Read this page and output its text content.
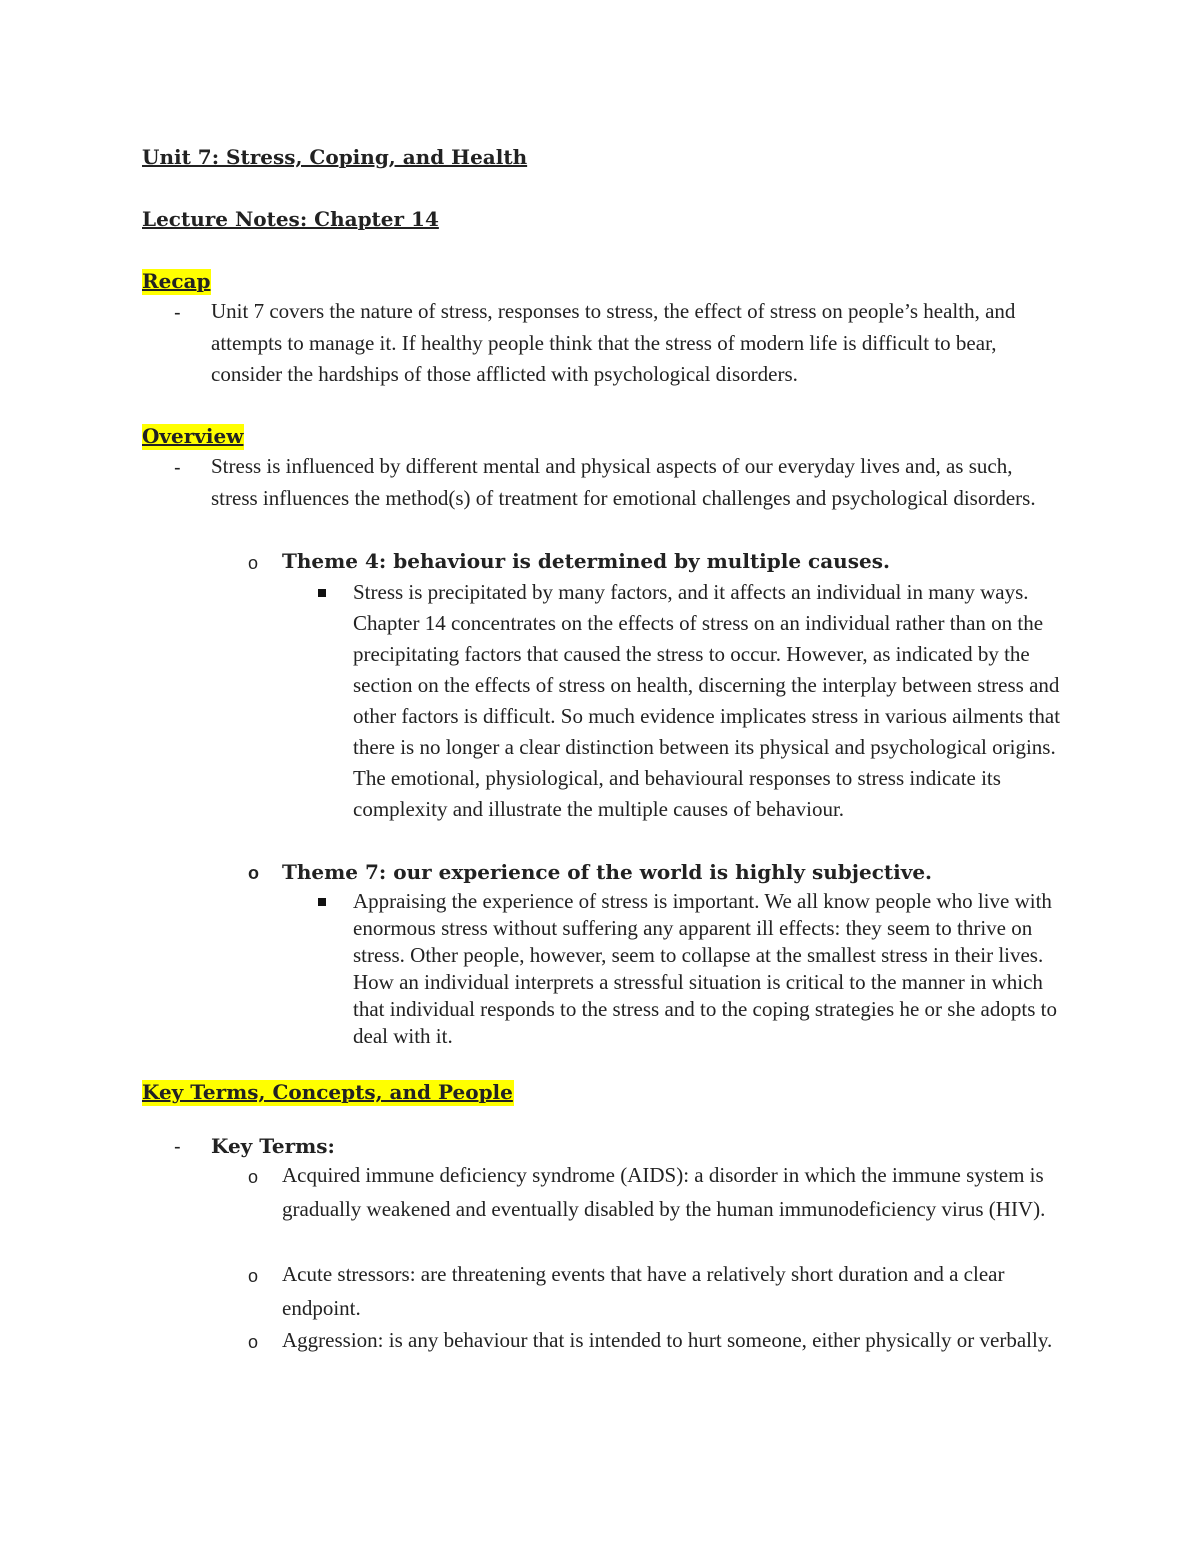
Unit 7: Stress, Coping, and Health
Lecture Notes: Chapter 14
Recap
- Unit 7 covers the nature of stress, responses to stress, the effect of stress on people’s health, and attempts to manage it. If healthy people think that the stress of modern life is difficult to bear, consider the hardships of those afflicted with psychological disorders.
Overview
- Stress is influenced by different mental and physical aspects of our everyday lives and, as such, stress influences the method(s) of treatment for emotional challenges and psychological disorders.
o Theme 4: behaviour is determined by multiple causes.
Stress is precipitated by many factors, and it affects an individual in many ways. Chapter 14 concentrates on the effects of stress on an individual rather than on the precipitating factors that caused the stress to occur. However, as indicated by the section on the effects of stress on health, discerning the interplay between stress and other factors is difficult. So much evidence implicates stress in various ailments that there is no longer a clear distinction between its physical and psychological origins. The emotional, physiological, and behavioural responses to stress indicate its complexity and illustrate the multiple causes of behaviour.
o Theme 7: our experience of the world is highly subjective.
Appraising the experience of stress is important. We all know people who live with enormous stress without suffering any apparent ill effects: they seem to thrive on stress. Other people, however, seem to collapse at the smallest stress in their lives. How an individual interprets a stressful situation is critical to the manner in which that individual responds to the stress and to the coping strategies he or she adopts to deal with it.
Key Terms, Concepts, and People
- Key Terms:
o Acquired immune deficiency syndrome (AIDS): a disorder in which the immune system is gradually weakened and eventually disabled by the human immunodeficiency virus (HIV).
o Acute stressors: are threatening events that have a relatively short duration and a clear endpoint.
o Aggression: is any behaviour that is intended to hurt someone, either physically or verbally.
